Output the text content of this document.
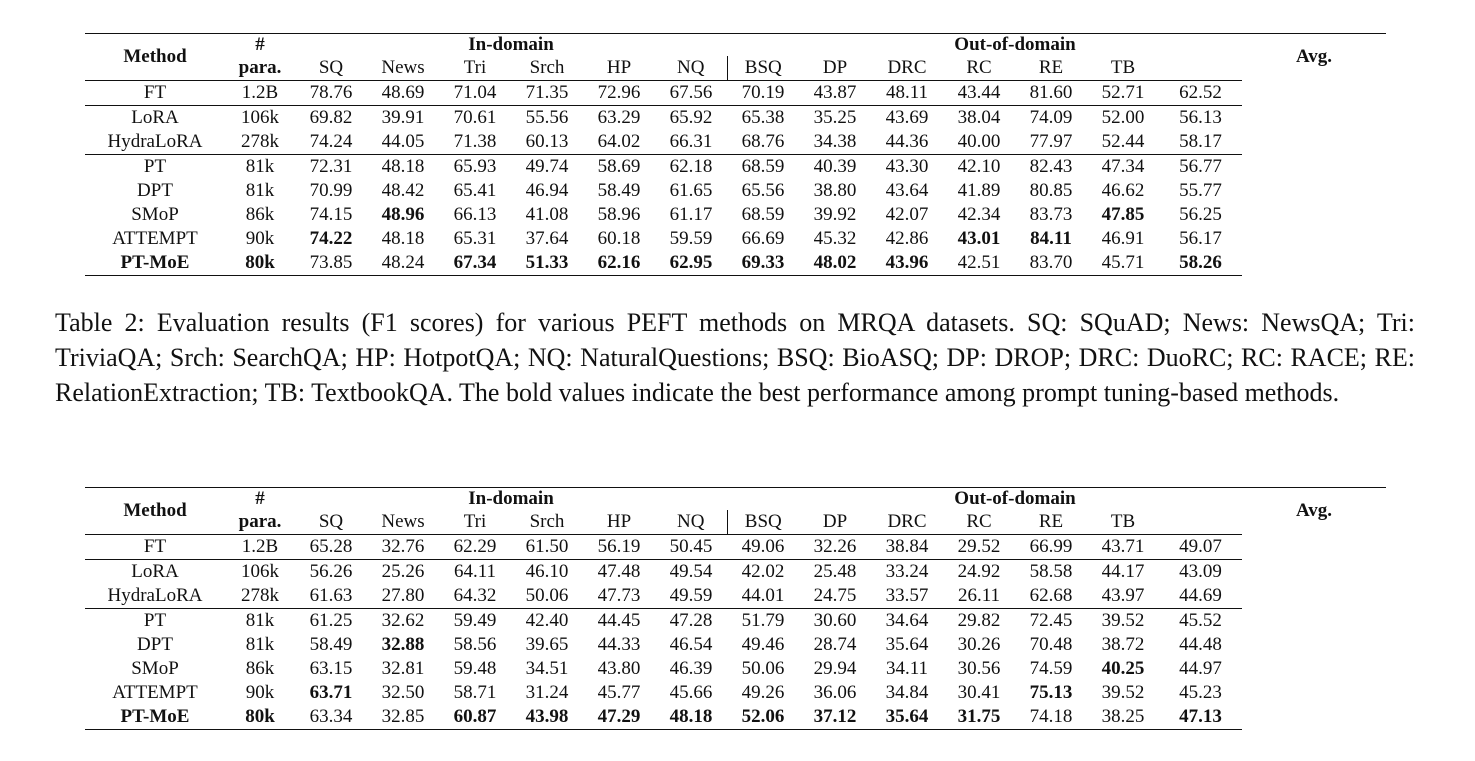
Method	#			In-domain							Out-of-domain				Avg.
	para.	SQ	News	Tri	Srch	HP	NQ	BSQ	DP	DRC	RC	RE	TB		
FT	1.2B	78.76	48.69	71.04	71.35	72.96	67.56	70.19	43.87	48.11	43.44	81.60	52.71	62.52	
LoRA	106k	69.82	39.91	70.61	55.56	63.29	65.92	65.38	35.25	43.69	38.04	74.09	52.00	56.13	
HydraLoRA	278k	74.24	44.05	71.38	60.13	64.02	66.31	68.76	34.38	44.36	40.00	77.97	52.44	58.17	
PT	81k	72.31	48.18	65.93	49.74	58.69	62.18	68.59	40.39	43.30	42.10	82.43	47.34	56.77	
DPT	81k	70.99	48.42	65.41	46.94	58.49	61.65	65.56	38.80	43.64	41.89	80.85	46.62	55.77	
SMoP	86k	74.15	48.96	66.13	41.08	58.96	61.17	68.59	39.92	42.07	42.34	83.73	47.85	56.25	
ATTEMPT	90k	74.22	48.18	65.31	37.64	60.18	59.59	66.69	45.32	42.86	43.01	84.11	46.91	56.17	
PT-MoE	80k	73.85	48.24	67.34	51.33	62.16	62.95	69.33	48.02	43.96	42.51	83.70	45.71	58.26	

Table 2: Evaluation results (F1 scores) for various PEFT methods on MRQA datasets. SQ: SQuAD; News: NewsQA; Tri: TriviaQA; Srch: SearchQA; HP: HotpotQA; NQ: NaturalQuestions; BSQ: BioASQ; DP: DROP; DRC: DuoRC; RC: RACE; RE: RelationExtraction; TB: TextbookQA. The bold values indicate the best performance among prompt tuning-based methods.

Method	#			In-domain							Out-of-domain				Avg.
	para.	SQ	News	Tri	Srch	HP	NQ	BSQ	DP	DRC	RC	RE	TB		
FT	1.2B	65.28	32.76	62.29	61.50	56.19	50.45	49.06	32.26	38.84	29.52	66.99	43.71	49.07	
LoRA	106k	56.26	25.26	64.11	46.10	47.48	49.54	42.02	25.48	33.24	24.92	58.58	44.17	43.09	
HydraLoRA	278k	61.63	27.80	64.32	50.06	47.73	49.59	44.01	24.75	33.57	26.11	62.68	43.97	44.69	
PT	81k	61.25	32.62	59.49	42.40	44.45	47.28	51.79	30.60	34.64	29.82	72.45	39.52	45.52	
DPT	81k	58.49	32.88	58.56	39.65	44.33	46.54	49.46	28.74	35.64	30.26	70.48	38.72	44.48	
SMoP	86k	63.15	32.81	59.48	34.51	43.80	46.39	50.06	29.94	34.11	30.56	74.59	40.25	44.97	
ATTEMPT	90k	63.71	32.50	58.71	31.24	45.77	45.66	49.26	36.06	34.84	30.41	75.13	39.52	45.23	
PT-MoE	80k	63.34	32.85	60.87	43.98	47.29	48.18	52.06	37.12	35.64	31.75	74.18	38.25	47.13	
